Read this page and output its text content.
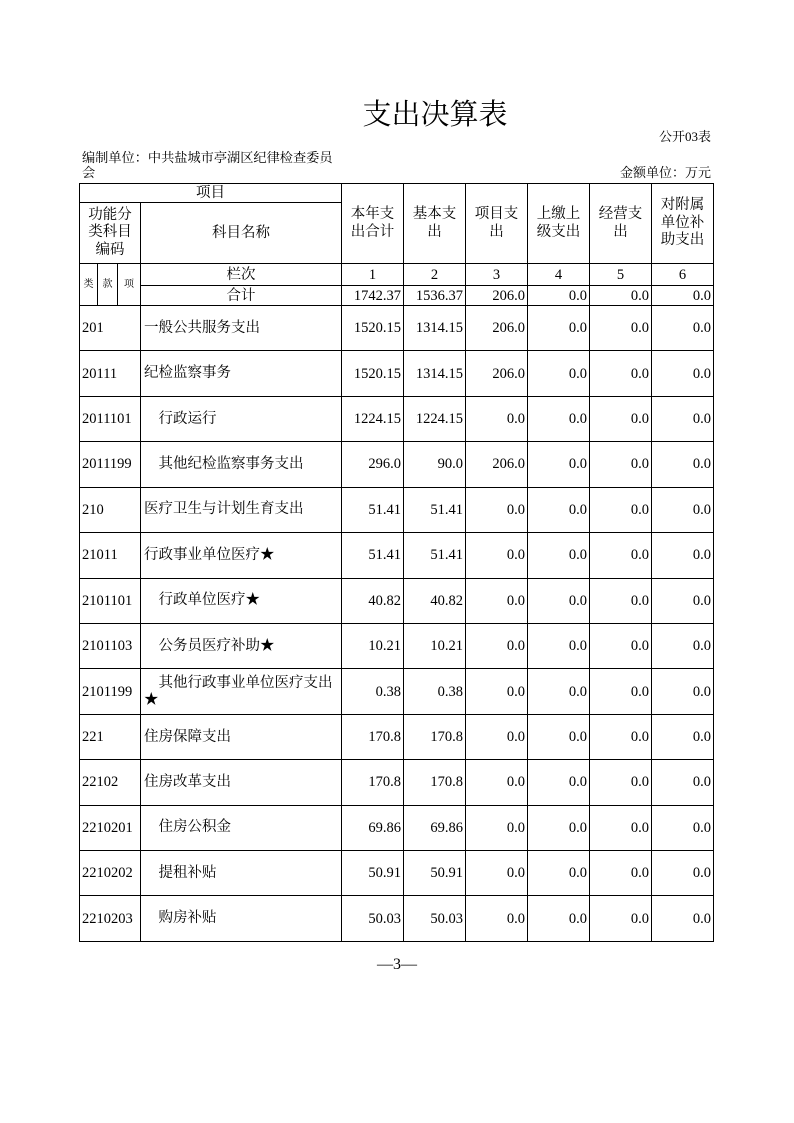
支出决算表
公开03表
编制单位：中共盐城市亭湖区纪律检查委员会	金额单位：万元
项目				本年支出合计	基本支出	项目支出	上缴上级支出	经营支出	对附属单位补助支出
功能分类科目编码			科目名称						
类	款	项	栏次	1	2	3	4	5	6
			合计	1742.37	1536.37	206.0	0.0	0.0	0.0
201			一般公共服务支出	1520.15	1314.15	206.0	0.0	0.0	0.0
20111			纪检监察事务	1520.15	1314.15	206.0	0.0	0.0	0.0
2011101			行政运行	1224.15	1224.15	0.0	0.0	0.0	0.0
2011199			其他纪检监察事务支出	296.0	90.0	206.0	0.0	0.0	0.0
210			医疗卫生与计划生育支出	51.41	51.41	0.0	0.0	0.0	0.0
21011			行政事业单位医疗★	51.41	51.41	0.0	0.0	0.0	0.0
2101101			行政单位医疗★	40.82	40.82	0.0	0.0	0.0	0.0
2101103			公务员医疗补助★	10.21	10.21	0.0	0.0	0.0	0.0
2101199			其他行政事业单位医疗支出★	0.38	0.38	0.0	0.0	0.0	0.0
221			住房保障支出	170.8	170.8	0.0	0.0	0.0	0.0
22102			住房改革支出	170.8	170.8	0.0	0.0	0.0	0.0
2210201			住房公积金	69.86	69.86	0.0	0.0	0.0	0.0
2210202			提租补贴	50.91	50.91	0.0	0.0	0.0	0.0
2210203			购房补贴	50.03	50.03	0.0	0.0	0.0	0.0
—3—
